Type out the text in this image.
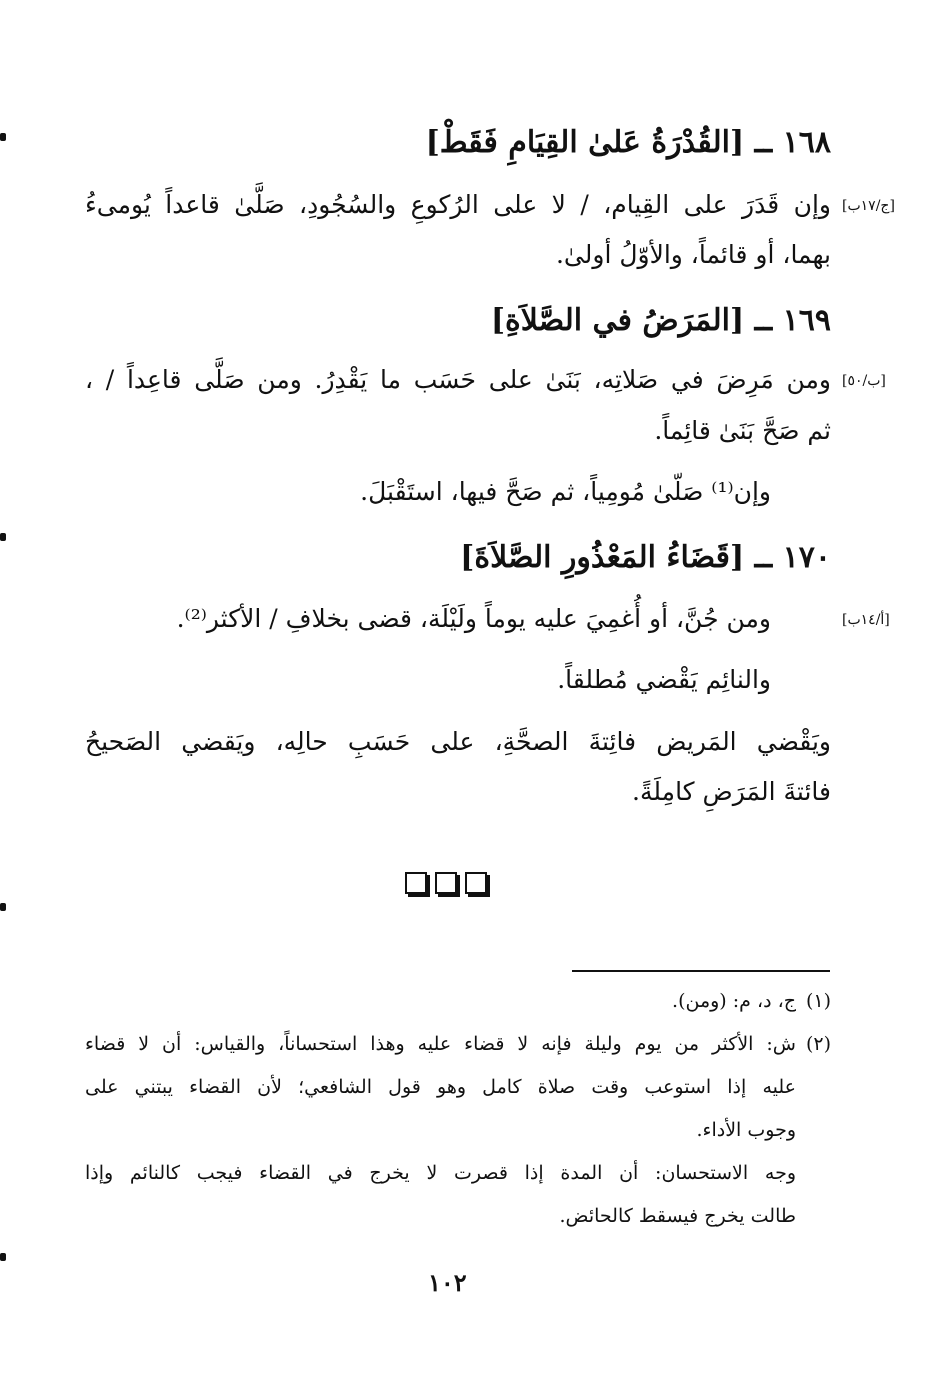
١٦٨ ــ [القُدْرَةُ عَلىٰ القِيَامِ فَقَطْ]
[ج/١٧ب]
وإن قَدَرَ على القِيام، / لا على الرُكوعِ والسُجُودِ، صَلَّىٰ قاعداً يُومىءُ
بهما، أو قائماً، والأوّلُ أولىٰ.
١٦٩ ــ [المَرَضُ في الصَّلاَةِ]
[ب/٥٠]
ومن مَرِضَ في صَلاتِه، بَنَىٰ على حَسَب ما يَقْدِرُ. ومن صَلَّى قاعِداً / ،
ثم صَحَّ بَنَىٰ قائِماً.
وإن⁽¹⁾ صَلّىٰ مُومِياً، ثم صَحَّ فيها، استَقْبَلَ.
١٧٠ ــ [قَضَاءُ المَعْذُورِ الصَّلاَةَ]
[أ/١٤ب]
ومن جُنَّ، أو أُغمِيَ عليه يوماً ولَيْلَة، قضى بخلافِ / الأكثر⁽²⁾.
والنائِم يَقْضي مُطلقاً.
ويَقْضي المَريض فائِتةَ الصحَّةِ، على حَسَبِ حالِه، ويَقضي الصَحيحُ
فائتةَ المَرَضِ كامِلَةً.
(١)
ج، د، م: (ومن).
(٢)
ش: الأكثر من يوم وليلة فإنه لا قضاء عليه وهذا استحساناً، والقياس: أن لا قضاء
عليه إذا استوعب وقت صلاة كامل وهو قول الشافعي؛ لأن القضاء يبتني على
وجوب الأداء.
وجه الاستحسان: أن المدة إذا قصرت لا يخرج في القضاء فيجب كالنائم وإذا
طالت يخرج فيسقط كالحائض.
١٠٢
